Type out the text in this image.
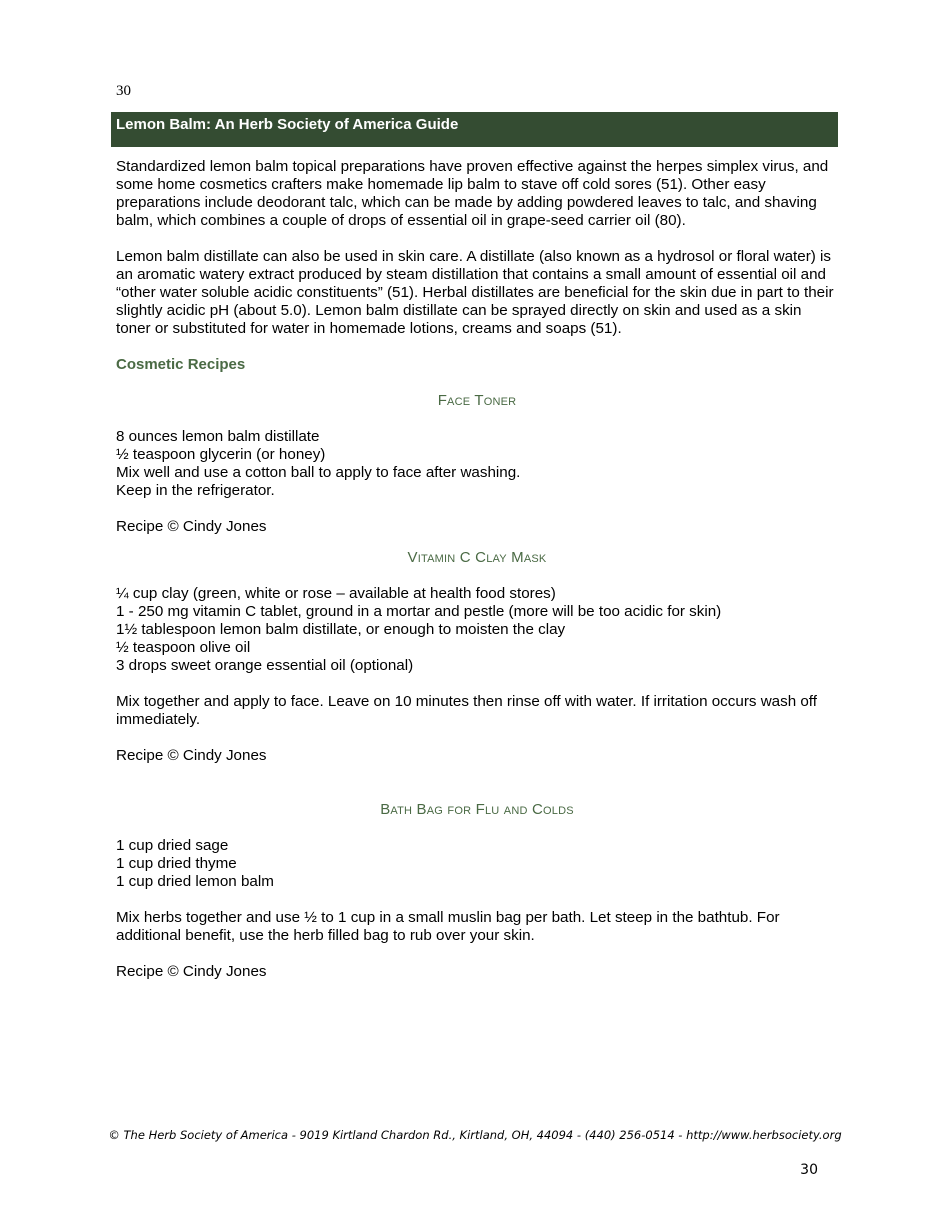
30
Lemon Balm: An Herb Society of America Guide

Standardized lemon balm topical preparations have proven effective against the herpes simplex virus, and some home cosmetics crafters make homemade lip balm to stave off cold sores (51). Other easy preparations include deodorant talc, which can be made by adding powdered leaves to talc, and shaving balm, which combines a couple of drops of essential oil in grape-seed carrier oil (80).

Lemon balm distillate can also be used in skin care. A distillate (also known as a hydrosol or floral water) is an aromatic watery extract produced by steam distillation that contains a small amount of essential oil and “other water soluble acidic constituents” (51). Herbal distillates are beneficial for the skin due in part to their slightly acidic pH (about 5.0). Lemon balm distillate can be sprayed directly on skin and used as a skin toner or substituted for water in homemade lotions, creams and soaps (51).

Cosmetic Recipes

Face Toner

8 ounces lemon balm distillate

½ teaspoon glycerin (or honey)

Mix well and use a cotton ball to apply to face after washing.

Keep in the refrigerator.

Recipe © Cindy Jones

Vitamin C Clay Mask

¼ cup clay (green, white or rose – available at health food stores)

1 - 250 mg vitamin C tablet, ground in a mortar and pestle (more will be too acidic for skin)

1½ tablespoon lemon balm distillate, or enough to moisten the clay

½ teaspoon olive oil

3 drops sweet orange essential oil (optional)

Mix together and apply to face. Leave on 10 minutes then rinse off with water. If irritation occurs wash off immediately.

Recipe © Cindy Jones

Bath Bag for Flu and Colds

1 cup dried sage

1 cup dried thyme

1 cup dried lemon balm

Mix herbs together and use ½ to 1 cup in a small muslin bag per bath. Let steep in the bathtub. For additional benefit, use the herb filled bag to rub over your skin.

Recipe © Cindy Jones

© The Herb Society of America - 9019 Kirtland Chardon Rd., Kirtland, OH, 44094 - (440) 256-0514 - http://www.herbsociety.org
30
